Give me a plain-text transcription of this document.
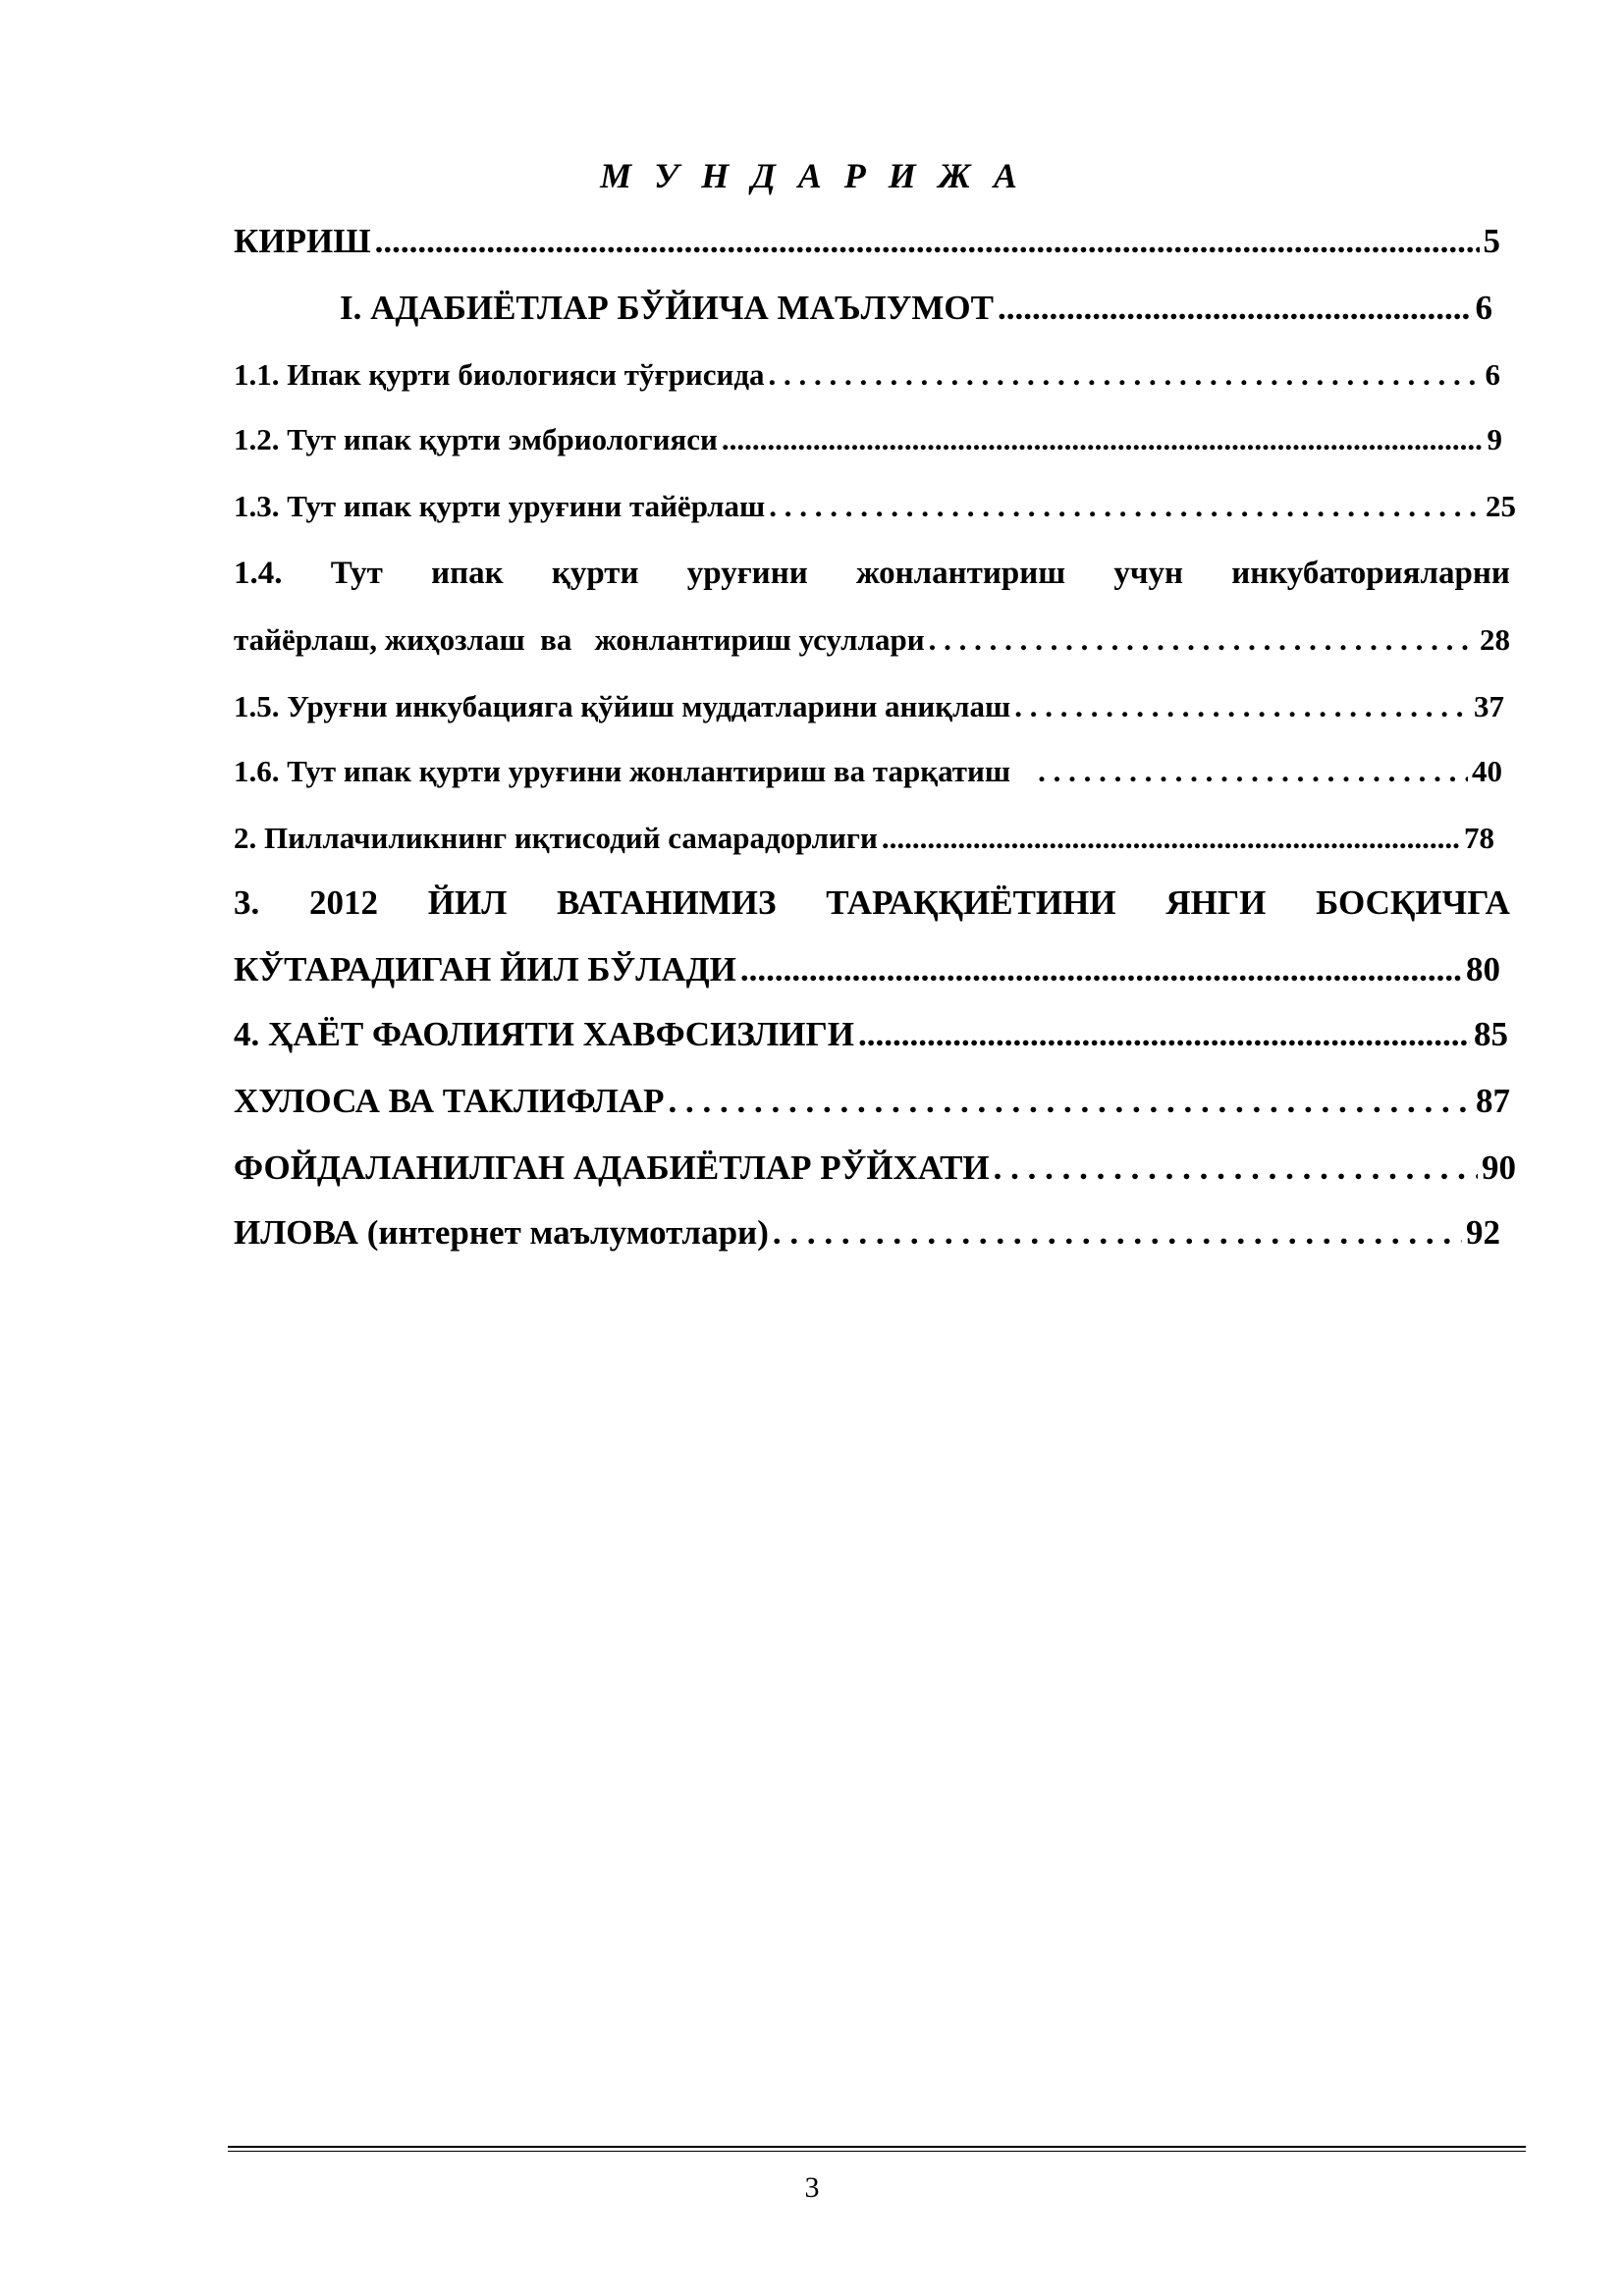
М У Н Д А Р И Ж А
КИРИШ .....	5
I. АДАБИЁТЛАР БЎЙИЧА МАЪЛУМОТ .....	6
1.1. Ипак қурти биологияси тўғрисида . . .	6
1.2. Тут ипак қурти эмбриологияси .....	9
1.3. Тут ипак қурти уруғини тайёрлаш . . .	25
1.4. Тут ипак қурти уруғини жонлантириш учун инкубаторияларни
тайёрлаш, жиҳозлаш  ва   жонлантириш усуллари . . .	28
1.5. Уруғни инкубацияга қўйиш муддатларини аниқлаш . . .	37
1.6. Тут ипак қурти уруғини жонлантириш ва тарқатиш . . .	40
2. Пиллачиликнинг иқтисодий самарадорлиги .....	78
3. 2012 ЙИЛ ВАТАНИМИЗ ТАРАҚҚИЁТИНИ ЯНГИ БОСҚИЧГА
КЎТАРАДИГАН ЙИЛ БЎЛАДИ .....	80
4. ҲАЁТ ФАОЛИЯТИ ХАВФСИЗЛИГИ .....	85
ХУЛОСА ВА ТАКЛИФЛАР . . .	87
ФОЙДАЛАНИЛГАН АДАБИЁТЛАР РЎЙХАТИ . . .	90
ИЛОВА (интернет маълумотлари) . . .	92
3
